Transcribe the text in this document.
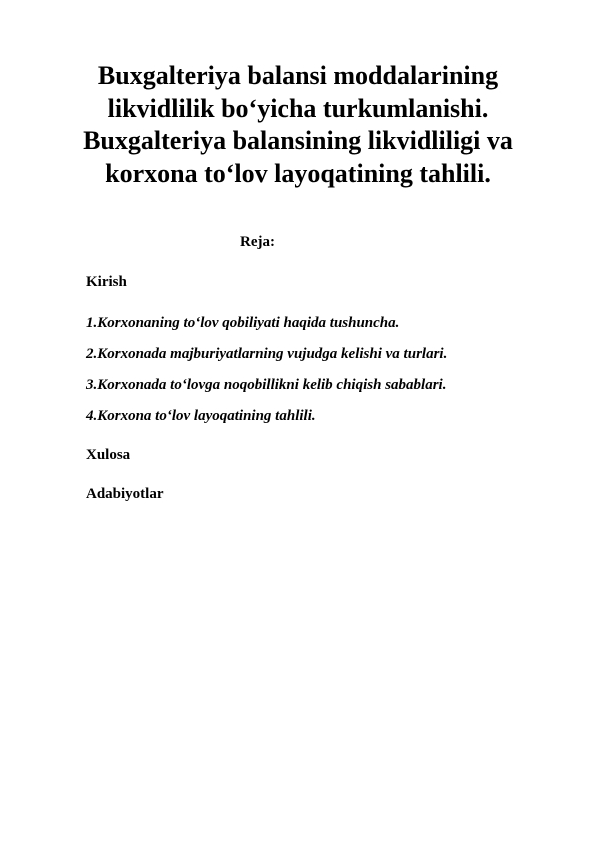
Buxgalteriya balansi moddalarining likvidlilik bo‘yicha turkumlanishi. Buxgalteriya balansining likvidliligi va korxona to‘lov layoqatining tahlili.

Reja:

Kirish

1.Korxonaning to‘lov qobiliyati haqida tushuncha.

2.Korxonada majburiyatlarning vujudga kelishi va turlari.

3.Korxonada to‘lovga noqobillikni kelib chiqish sabablari.

4.Korxona to‘lov layoqatining tahlili.

Xulosa

Adabiyotlar
